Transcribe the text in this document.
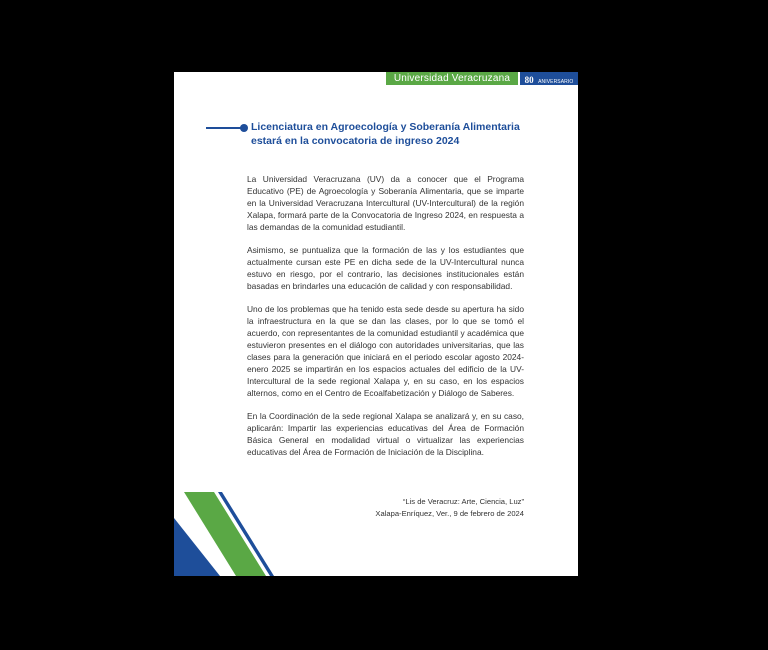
Universidad Veracruzana	80 ANIVERSARIO
Licenciatura en Agroecología y Soberanía Alimentaria estará en la convocatoria de ingreso 2024

La Universidad Veracruzana (UV) da a conocer que el Programa Educativo (PE) de Agroecología y Soberanía Alimentaria, que se imparte en la Universidad Veracruzana Intercultural (UV-Intercultural) de la región Xalapa, formará parte de la Convocatoria de Ingreso 2024, en respuesta a las demandas de la comunidad estudiantil.

Asimismo, se puntualiza que la formación de las y los estudiantes que actualmente cursan este PE en dicha sede de la UV-Intercultural nunca estuvo en riesgo, por el contrario, las decisiones institucionales están basadas en brindarles una educación de calidad y con responsabilidad.

Uno de los problemas que ha tenido esta sede desde su apertura ha sido la infraestructura en la que se dan las clases, por lo que se tomó el acuerdo, con representantes de la comunidad estudiantil y académica que estuvieron presentes en el diálogo con autoridades universitarias, que las clases para la generación que iniciará en el periodo escolar agosto 2024-enero 2025 se impartirán en los espacios actuales del edificio de la UV-Intercultural de la sede regional Xalapa y, en su caso, en los espacios alternos, como en el Centro de Ecoalfabetización y Diálogo de Saberes.

En la Coordinación de la sede regional Xalapa se analizará y, en su caso, aplicarán: Impartir las experiencias educativas del Área de Formación Básica General en modalidad virtual o virtualizar las experiencias educativas del Área de Formación de Iniciación de la Disciplina.

“Lis de Veracruz: Arte, Ciencia, Luz”
Xalapa-Enríquez, Ver., 9 de febrero de 2024
